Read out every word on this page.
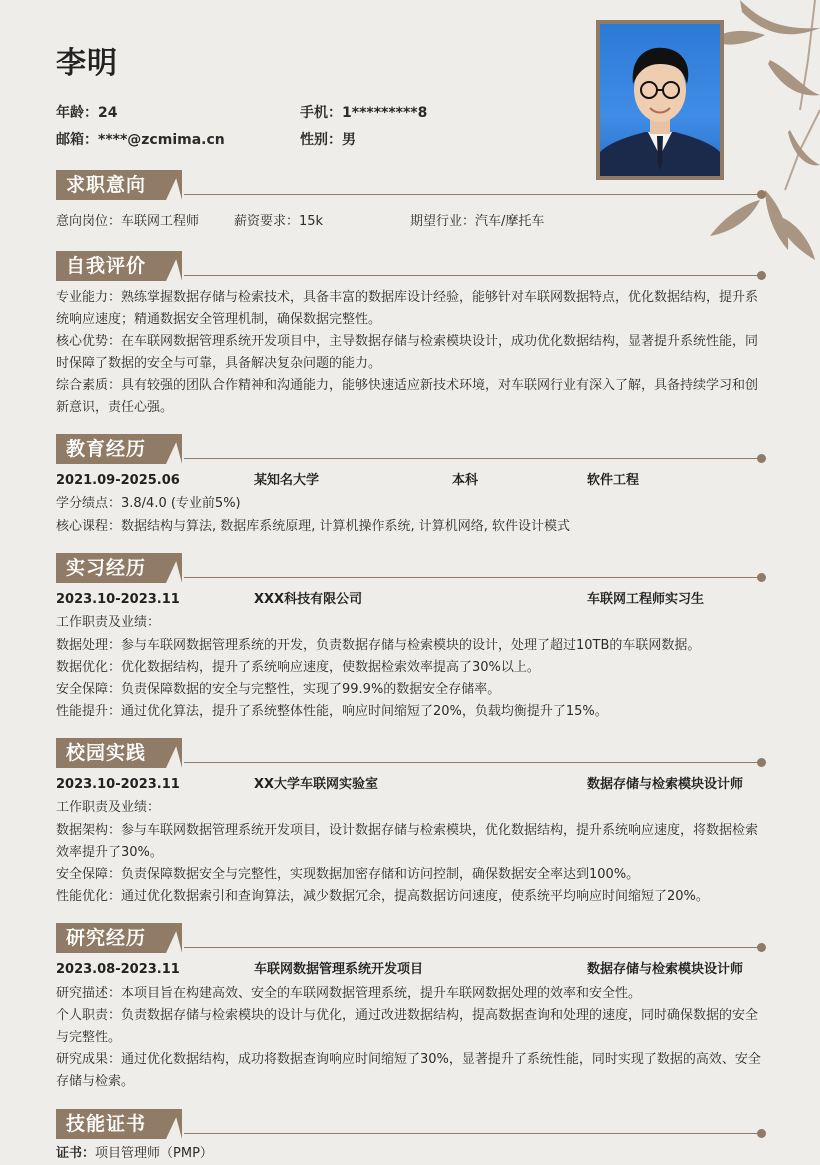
李明
年龄：24	手机：1*********8
邮箱：****@zcmima.cn	性别：男
求职意向
意向岗位：车联网工程师	薪资要求：15k	期望行业：汽车/摩托车
自我评价
专业能力：熟练掌握数据存储与检索技术，具备丰富的数据库设计经验，能够针对车联网数据特点，优化数据结构，提升系统响应速度；精通数据安全管理机制，确保数据完整性。
核心优势：在车联网数据管理系统开发项目中，主导数据存储与检索模块设计，成功优化数据结构，显著提升系统性能，同时保障了数据的安全与可靠，具备解决复杂问题的能力。
综合素质：具有较强的团队合作精神和沟通能力，能够快速适应新技术环境，对车联网行业有深入了解，具备持续学习和创新意识，责任心强。
教育经历
2021.09-2025.06	某知名大学	本科	软件工程
学分绩点：3.8/4.0 (专业前5%)
核心课程：数据结构与算法, 数据库系统原理, 计算机操作系统, 计算机网络, 软件设计模式
实习经历
2023.10-2023.11	XXX科技有限公司	车联网工程师实习生
工作职责及业绩：
数据处理：参与车联网数据管理系统的开发，负责数据存储与检索模块的设计，处理了超过10TB的车联网数据。
数据优化：优化数据结构，提升了系统响应速度，使数据检索效率提高了30%以上。
安全保障：负责保障数据的安全与完整性，实现了99.9%的数据安全存储率。
性能提升：通过优化算法，提升了系统整体性能，响应时间缩短了20%，负载均衡提升了15%。
校园实践
2023.10-2023.11	XX大学车联网实验室	数据存储与检索模块设计师
工作职责及业绩：
数据架构：参与车联网数据管理系统开发项目，设计数据存储与检索模块，优化数据结构，提升系统响应速度，将数据检索效率提升了30%。
安全保障：负责保障数据安全与完整性，实现数据加密存储和访问控制，确保数据安全率达到100%。
性能优化：通过优化数据索引和查询算法，减少数据冗余，提高数据访问速度，使系统平均响应时间缩短了20%。
研究经历
2023.08-2023.11	车联网数据管理系统开发项目	数据存储与检索模块设计师
研究描述：本项目旨在构建高效、安全的车联网数据管理系统，提升车联网数据处理的效率和安全性。
个人职责：负责数据存储与检索模块的设计与优化，通过改进数据结构，提高数据查询和处理的速度，同时确保数据的安全与完整性。
研究成果：通过优化数据结构，成功将数据查询响应时间缩短了30%，显著提升了系统性能，同时实现了数据的高效、安全存储与检索。
技能证书
证书：项目管理师（PMP）
